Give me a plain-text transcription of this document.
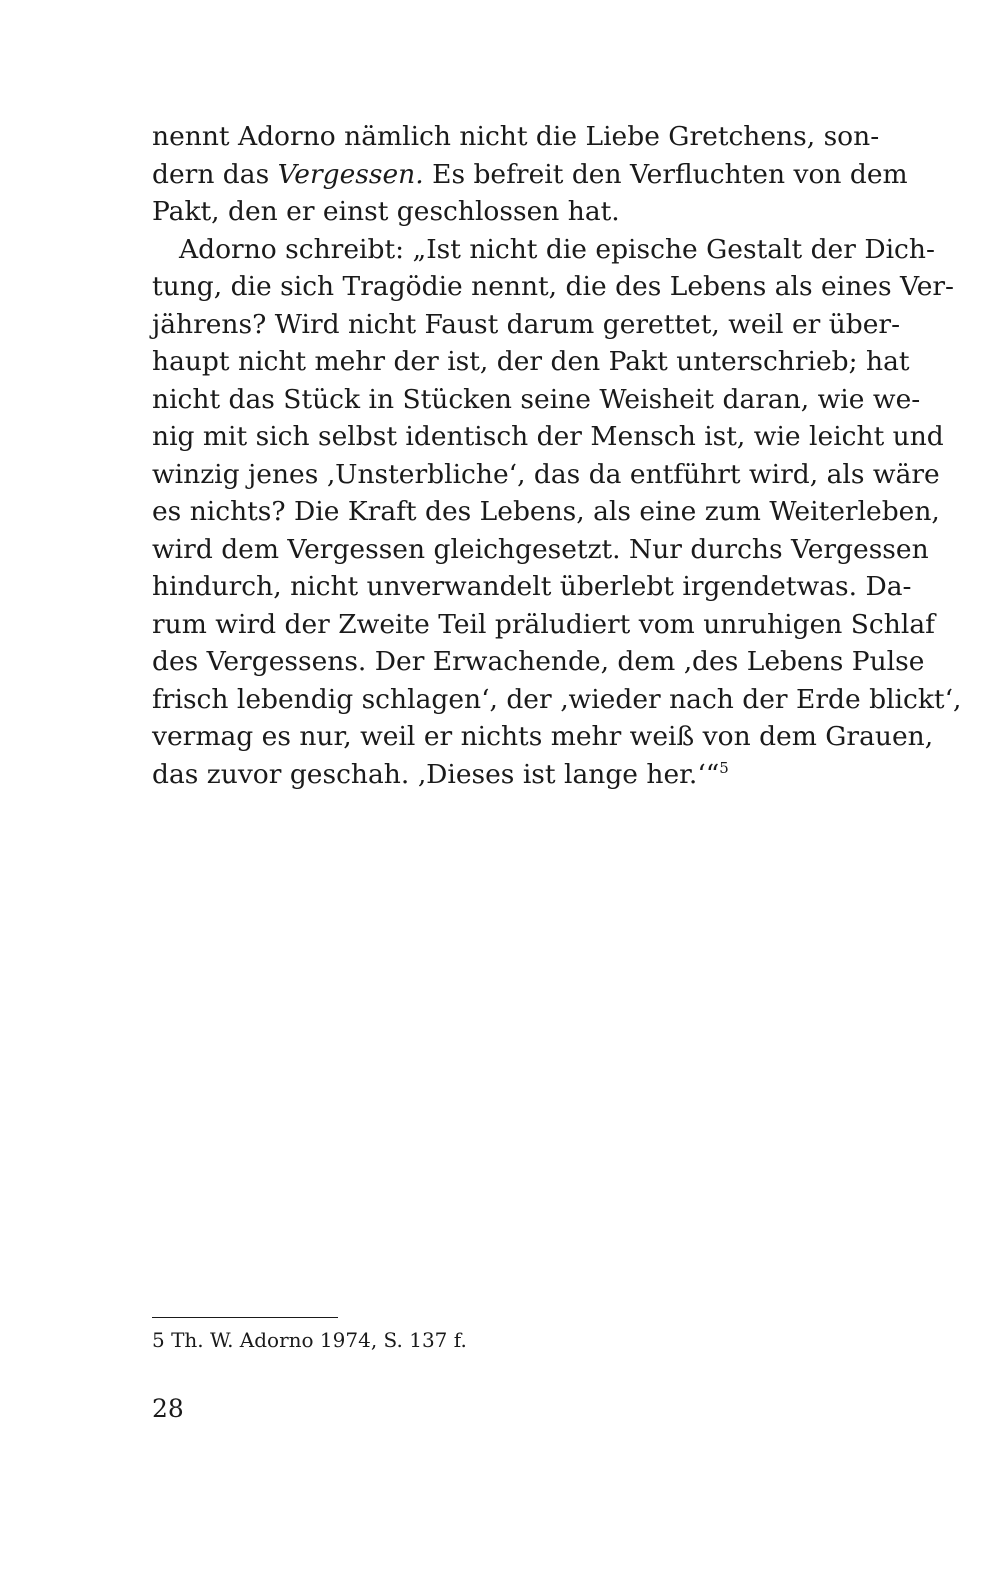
nennt Adorno nämlich nicht die Liebe Gretchens, son-
dern das Vergessen. Es befreit den Verfluchten von dem
Pakt, den er einst geschlossen hat.
Adorno schreibt: „Ist nicht die epische Gestalt der Dich-
tung, die sich Tragödie nennt, die des Lebens als eines Ver-
jährens? Wird nicht Faust darum gerettet, weil er über-
haupt nicht mehr der ist, der den Pakt unterschrieb; hat
nicht das Stück in Stücken seine Weisheit daran, wie we-
nig mit sich selbst identisch der Mensch ist, wie leicht und
winzig jenes ‚Unsterbliche‘, das da entführt wird, als wäre
es nichts? Die Kraft des Lebens, als eine zum Weiterleben,
wird dem Vergessen gleichgesetzt. Nur durchs Vergessen
hindurch, nicht unverwandelt überlebt irgendetwas. Da-
rum wird der Zweite Teil präludiert vom unruhigen Schlaf
des Vergessens. Der Erwachende, dem ‚des Lebens Pulse
frisch lebendig schlagen‘, der ‚wieder nach der Erde blickt‘,
vermag es nur, weil er nichts mehr weiß von dem Grauen,
das zuvor geschah. ‚Dieses ist lange her.‘“$^5$
5 Th. W. Adorno 1974, S. 137 f.
28
